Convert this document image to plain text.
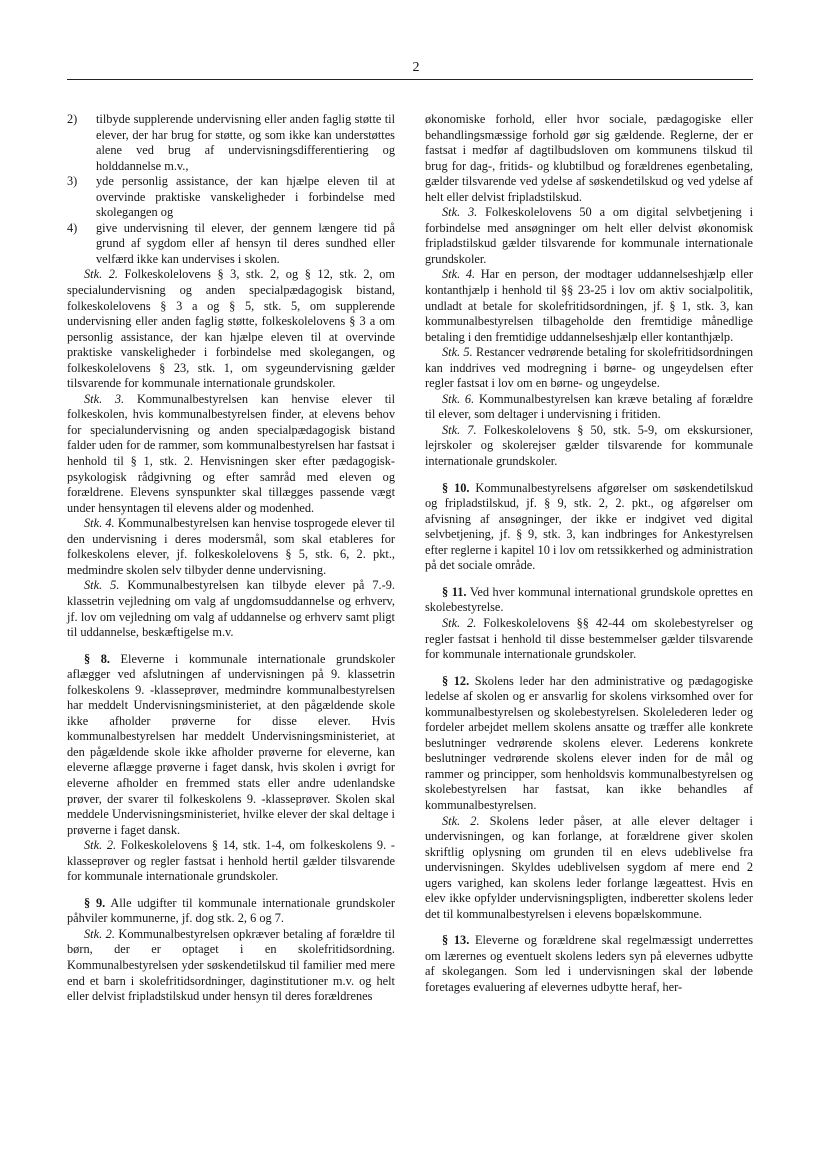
2
2)	tilbyde supplerende undervisning eller anden faglig støtte til elever, der har brug for støtte, og som ikke kan understøttes alene ved brug af undervisningsdifferentiering og holddannelse m.v.,
3)	yde personlig assistance, der kan hjælpe eleven til at overvinde praktiske vanskeligheder i forbindelse med skolegangen og
4)	give undervisning til elever, der gennem længere tid på grund af sygdom eller af hensyn til deres sundhed eller velfærd ikke kan undervises i skolen.

Stk. 2. Folkeskolelovens § 3, stk. 2, og § 12, stk. 2, om specialundervisning og anden specialpædagogisk bistand, folkeskolelovens § 3 a og § 5, stk. 5, om supplerende undervisning eller anden faglig støtte, folkeskolelovens § 3 a om personlig assistance, der kan hjælpe eleven til at overvinde praktiske vanskeligheder i forbindelse med skolegangen, og folkeskolelovens § 23, stk. 1, om sygeundervisning gælder tilsvarende for kommunale internationale grundskoler.

Stk. 3. Kommunalbestyrelsen kan henvise elever til folkeskolen, hvis kommunalbestyrelsen finder, at elevens behov for specialundervisning og anden specialpædagogisk bistand falder uden for de rammer, som kommunalbestyrelsen har fastsat i henhold til § 1, stk. 2. Henvisningen sker efter pædagogisk-psykologisk rådgivning og efter samråd med eleven og forældrene. Elevens synspunkter skal tillægges passende vægt under hensyntagen til elevens alder og modenhed.

Stk. 4. Kommunalbestyrelsen kan henvise tosprogede elever til den undervisning i deres modersmål, som skal etableres for folkeskolens elever, jf. folkeskolelovens § 5, stk. 6, 2. pkt., medmindre skolen selv tilbyder denne undervisning.

Stk. 5. Kommunalbestyrelsen kan tilbyde elever på 7.-9. klassetrin vejledning om valg af ungdomsuddannelse og erhverv, jf. lov om vejledning om valg af uddannelse og erhverv samt pligt til uddannelse, beskæftigelse m.v.

§ 8. Eleverne i kommunale internationale grundskoler aflægger ved afslutningen af undervisningen på 9. klassetrin folkeskolens 9. -klasseprøver, medmindre kommunalbestyrelsen har meddelt Undervisningsministeriet, at den pågældende skole ikke afholder prøverne for disse elever. Hvis kommunalbestyrelsen har meddelt Undervisningsministeriet, at den pågældende skole ikke afholder prøverne for eleverne, kan eleverne aflægge prøverne i faget dansk, hvis skolen i øvrigt for eleverne afholder en fremmed stats eller andre udenlandske prøver, der svarer til folkeskolens 9. -klasseprøver. Skolen skal meddele Undervisningsministeriet, hvilke elever der skal deltage i prøverne i faget dansk.

Stk. 2. Folkeskolelovens § 14, stk. 1-4, om folkeskolens 9. -klasseprøver og regler fastsat i henhold hertil gælder tilsvarende for kommunale internationale grundskoler.

§ 9. Alle udgifter til kommunale internationale grundskoler påhviler kommunerne, jf. dog stk. 2, 6 og 7.

Stk. 2. Kommunalbestyrelsen opkræver betaling af forældre til børn, der er optaget i en skolefritidsordning. Kommunalbestyrelsen yder søskendetilskud til familier med mere end et barn i skolefritidsordninger, daginstitutioner m.v. og helt eller delvist fripladstilskud under hensyn til deres forældrenes

økonomiske forhold, eller hvor sociale, pædagogiske eller behandlingsmæssige forhold gør sig gældende. Reglerne, der er fastsat i medfør af dagtilbudsloven om kommunens tilskud til brug for dag-, fritids- og klubtilbud og forældrenes egenbetaling, gælder tilsvarende ved ydelse af søskendetilskud og ved ydelse af helt eller delvist fripladstilskud.

Stk. 3. Folkeskolelovens 50 a om digital selvbetjening i forbindelse med ansøgninger om helt eller delvist økonomisk fripladstilskud gælder tilsvarende for kommunale internationale grundskoler.

Stk. 4. Har en person, der modtager uddannelseshjælp eller kontanthjælp i henhold til §§ 23-25 i lov om aktiv socialpolitik, undladt at betale for skolefritidsordningen, jf. § 1, stk. 3, kan kommunalbestyrelsen tilbageholde den fremtidige månedlige betaling i den fremtidige uddannelseshjælp eller kontanthjælp.

Stk. 5. Restancer vedrørende betaling for skolefritidsordningen kan inddrives ved modregning i børne- og ungeydelsen efter regler fastsat i lov om en børne- og ungeydelse.

Stk. 6. Kommunalbestyrelsen kan kræve betaling af forældre til elever, som deltager i undervisning i fritiden.

Stk. 7. Folkeskolelovens § 50, stk. 5-9, om ekskursioner, lejrskoler og skolerejser gælder tilsvarende for kommunale internationale grundskoler.

§ 10. Kommunalbestyrelsens afgørelser om søskendetilskud og fripladstilskud, jf. § 9, stk. 2, 2. pkt., og afgørelser om afvisning af ansøgninger, der ikke er indgivet ved digital selvbetjening, jf. § 9, stk. 3, kan indbringes for Ankestyrelsen efter reglerne i kapitel 10 i lov om retssikkerhed og administration på det sociale område.

§ 11. Ved hver kommunal international grundskole oprettes en skolebestyrelse.

Stk. 2. Folkeskolelovens §§ 42-44 om skolebestyrelser og regler fastsat i henhold til disse bestemmelser gælder tilsvarende for kommunale internationale grundskoler.

§ 12. Skolens leder har den administrative og pædagogiske ledelse af skolen og er ansvarlig for skolens virksomhed over for kommunalbestyrelsen og skolebestyrelsen. Skolelederen leder og fordeler arbejdet mellem skolens ansatte og træffer alle konkrete beslutninger vedrørende skolens elever. Lederens konkrete beslutninger vedrørende skolens elever inden for de mål og rammer og principper, som henholdsvis kommunalbestyrelsen og skolebestyrelsen har fastsat, kan ikke behandles af kommunalbestyrelsen.

Stk. 2. Skolens leder påser, at alle elever deltager i undervisningen, og kan forlange, at forældrene giver skolen skriftlig oplysning om grunden til en elevs udeblivelse fra undervisningen. Skyldes udeblivelsen sygdom af mere end 2 ugers varighed, kan skolens leder forlange lægeattest. Hvis en elev ikke opfylder undervisningspligten, indberetter skolens leder det til kommunalbestyrelsen i elevens bopælskommune.

§ 13. Eleverne og forældrene skal regelmæssigt underrettes om lærernes og eventuelt skolens leders syn på elevernes udbytte af skolegangen. Som led i undervisningen skal der løbende foretages evaluering af elevernes udbytte heraf, her-
